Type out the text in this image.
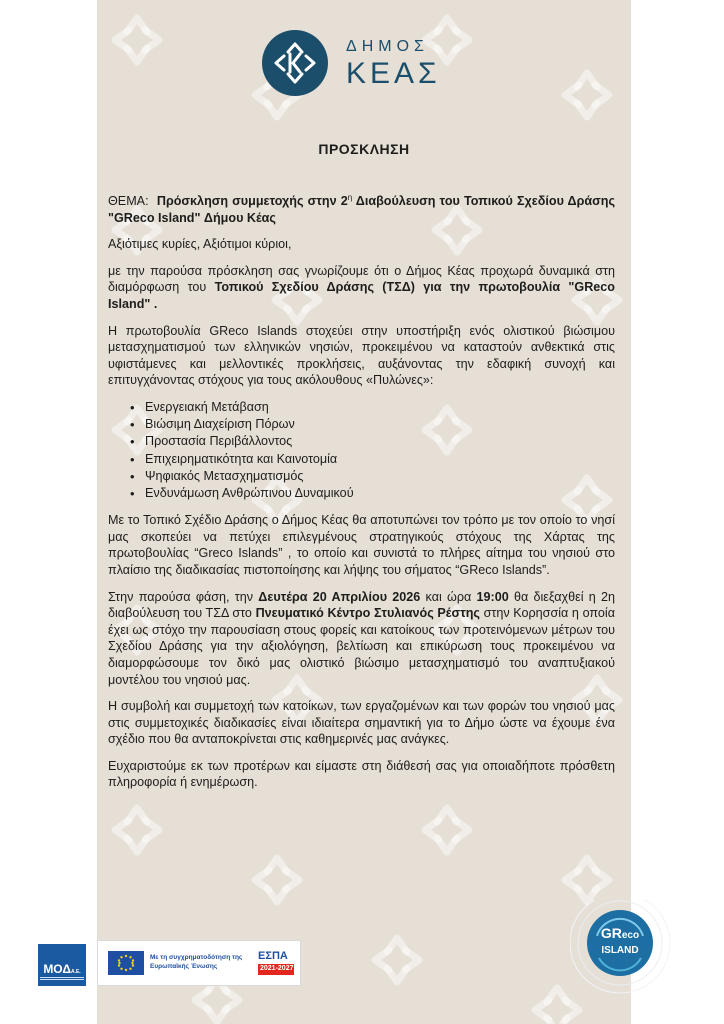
ΔΗΜΟΣ
ΚΕΑΣ
ΠΡΟΣΚΛΗΣΗ

ΘΕΜΑ: Πρόσκληση συμμετοχής στην $2^\eta$ Διαβούλευση του Τοπικού Σχεδίου Δράσης "GReco Island" Δήμου Κέας

Αξιότιμες κυρίες, Αξιότιμοι κύριοι,

με την παρούσα πρόσκληση σας γνωρίζουμε ότι ο Δήμος Κέας προχωρά δυναμικά στη διαμόρφωση του Τοπικού Σχεδίου Δράσης (ΤΣΔ) για την πρωτοβουλία "GReco Island" .

Η πρωτοβουλία GReco Islands στοχεύει στην υποστήριξη ενός ολιστικού βιώσιμου μετασχηματισμού των ελληνικών νησιών, προκειμένου να καταστούν ανθεκτικά στις υφιστάμενες και μελλοντικές προκλήσεις, αυξάνοντας την εδαφική συνοχή και επιτυγχάνοντας στόχους για τους ακόλουθους «Πυλώνες»:

• Ενεργειακή Μετάβαση
• Βιώσιμη Διαχείριση Πόρων
• Προστασία Περιβάλλοντος
• Επιχειρηματικότητα και Καινοτομία
• Ψηφιακός Μετασχηματισμός
• Ενδυνάμωση Ανθρώπινου Δυναμικού

Με το Τοπικό Σχέδιο Δράσης ο Δήμος Κέας θα αποτυπώνει τον τρόπο με τον οποίο το νησί μας σκοπεύει να πετύχει επιλεγμένους στρατηγικούς στόχους της Χάρτας της πρωτοβουλίας “Greco Islands” , το οποίο και συνιστά το πλήρες αίτημα του νησιού στο πλαίσιο της διαδικασίας πιστοποίησης και λήψης του σήματος “GReco Islands”.

Στην παρούσα φάση, την Δευτέρα 20 Απριλίου 2026 και ώρα 19:00 θα διεξαχθεί η 2η διαβούλευση του ΤΣΔ στο Πνευματικό Κέντρο Στυλιανός Ρέστης στην Κορησσία η οποία έχει ως στόχο την παρουσίαση στους φορείς και κατοίκους των προτεινόμενων μέτρων του Σχεδίου Δράσης για την αξιολόγηση, βελτίωση και επικύρωση τους προκειμένου να διαμορφώσουμε τον δικό μας ολιστικό βιώσιμο μετασχηματισμό του αναπτυξιακού μοντέλου του νησιού μας.

Η συμβολή και συμμετοχή των κατοίκων, των εργαζομένων και των φορών του νησιού μας στις συμμετοχικές διαδικασίες είναι ιδιαίτερα σημαντική για το Δήμο ώστε να έχουμε ένα σχέδιο που θα ανταποκρίνεται στις καθημερινές μας ανάγκες.

Ευχαριστούμε εκ των προτέρων και είμαστε στη διάθεσή σας για οποιαδήποτε πρόσθετη πληροφορία ή ενημέρωση.

ΜΟΔΑ.Ε.
Με τη συγχρηματοδότηση της Ευρωπαϊκής Ένωσης
ΕΣΠΑ
2021-2027
GReco
ISLAND
